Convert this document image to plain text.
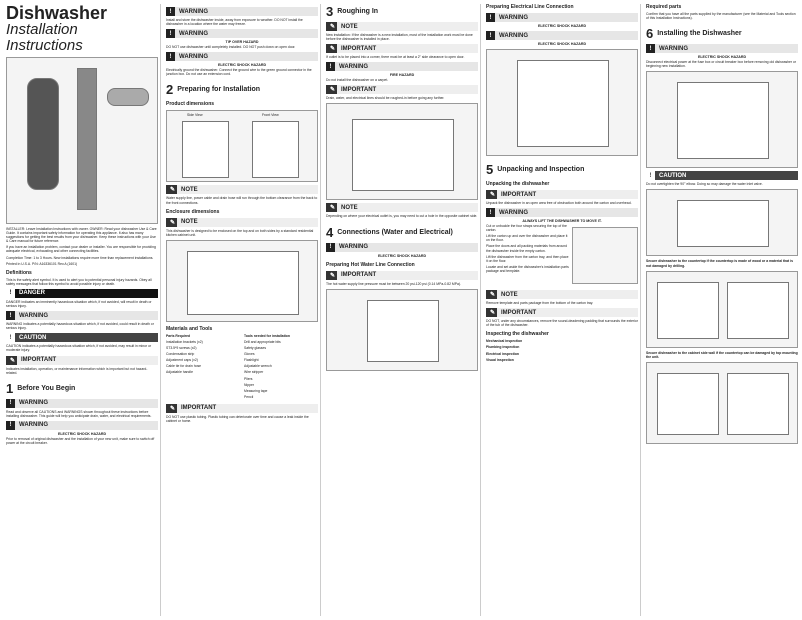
Dishwasher
Installation
Instructions

INSTALLER: Leave Installation Instructions with owner. OWNER: Read your dishwasher Use & Care Guide. It contains important safety information for operating this appliance. It also has many suggestions for getting the best results from your dishwasher. Keep these instructions with your Use & Care manual for future reference.

If you have an installation problem, contact your dealer or installer. You are responsible for providing adequate electrical, exhausting and other connecting facilities.

Completion Time: 1 to 3 Hours. New installations require more time than replacement installations.

Printed in U.S.A. P/N: A16336101 Rev.A (1601)

Definitions

This is the safety alert symbol. It is used to alert you to potential personal injury hazards. Obey all safety messages that follow this symbol to avoid possible injury or death.

!	DANGER

DANGER indicates an imminently hazardous situation which, if not avoided, will result in death or serious injury.

!	WARNING

WARNING indicates a potentially hazardous situation which, if not avoided, could result in death or serious injury.

!	CAUTION

CAUTION indicates a potentially hazardous situation which, if not avoided, may result in minor or moderate injury.

✎ IMPORTANT

Indicates installation, operation, or maintenance information which is important but not hazard-related.

1 Before You Begin
!	WARNING

Read and observe all CAUTIONS and WARNINGS shown throughout these instructions before installing dishwasher. This guide will help you anticipate drain, water, and electrical requirements.

!	WARNING
ELECTRIC SHOCK HAZARD

Prior to removal of original dishwasher and the installation of your new unit, make sure to switch off power at the circuit breaker.

!	WARNING

Install and store the dishwasher inside, away from exposure to weather. DO NOT install the dishwasher in a location where the water may freeze.

!	WARNING
TIP OVER HAZARD

DO NOT use dishwasher until completely installed. DO NOT push down on open door.

!	WARNING
ELECTRIC SHOCK HAZARD

Electrically ground the dishwasher. Connect the ground wire to the green ground connector in the junction box. Do not use an extension cord.

2 Preparing for Installation
Product dimensions
Side View	Front View
✎ NOTE

Water supply line, power cable and drain hose will run through the bottom clearance from the back to the front connections.

Enclosure dimensions
✎ NOTE

This dishwasher is designed to be enclosed on the top and on both sides by a standard residential kitchen cabinet unit.

Materials and Tools
Parts Required
Installation brackets (x2)
ST3.5*9 screws (x2)
Condensation strip
Adjustment caps (x2)
Cable tie for drain hose
Adjustable handle
Tools needed for installation
Drill and appropriate bits
Safety glasses
Gloves
Flashlight
Adjustable wrench
Wire stripper
Pliers
Nipper
Measuring tape
Pencil
✎ IMPORTANT

DO NOT use plastic tubing. Plastic tubing can deteriorate over time and cause a leak inside the cabinet or home.

3 Roughing In
✎ NOTE

New installation: If the dishwasher is a new installation, most of the installation work must be done before the dishwasher is installed in place.

✎ IMPORTANT

If outlet is to be placed into a corner, there must be at least a 2" side clearance to open door.

!	WARNING
FIRE HAZARD

Do not install the dishwasher on a carpet.

✎ IMPORTANT

Drain, water, and electrical lines should be roughed-in before going any further.

✎ NOTE

Depending on where your electrical outlet is, you may need to cut a hole in the opposite cabinet side.

4 Connections (Water and Electrical)
!	WARNING
ELECTRIC SHOCK HAZARD
Preparing Hot Water Line Connection
✎ IMPORTANT

The hot water supply line pressure must be between 20 psi-120 psi (0.14 MPa-0.82 MPa).

Preparing Electrical Line Connection
!	WARNING
ELECTRIC SHOCK HAZARD
!	WARNING
ELECTRIC SHOCK HAZARD
5 Unpacking and Inspection
Unpacking the dishwasher
✎ IMPORTANT

Unpack the dishwasher in an open area free of obstruction both around the carton and overhead.

!	WARNING
ALWAYS LIFT THE DISHWASHER TO MOVE IT.
Cut or unbuckle the four straps securing the top of the carton.
Lift the carton up and over the dishwasher and place it on the floor.
Place the doors and all packing materials from around the dishwasher inside the empty carton.
Lift the dishwasher from the carton tray, and then place it on the floor.
Locate and set aside the dishwasher's installation parts package and template.
✎ NOTE

Remove template and parts package from the bottom of the carton tray.

✎ IMPORTANT

DO NOT, under any circumstances, remove the sound-deadening padding that surrounds the exterior of the tub of the dishwasher.

Inspecting the dishwasher
Mechanical inspection
Plumbing inspection
Electrical inspection
Visual inspection
Required parts

Confirm that you have all the parts supplied by the manufacturer (see the Material and Tools section of this Installation Instructions).

6 Installing the Dishwasher
!	WARNING
ELECTRIC SHOCK HAZARD

Disconnect electrical power at the fuse box or circuit breaker box before removing old dishwasher or beginning new installation.

!	CAUTION

Do not overtighten the 90° elbow. Doing so may damage the water inlet valve.

Secure dishwasher to the countertop if the countertop is made of wood or a material that is not damaged by drilling.

Secure dishwasher to the cabinet side wall if the countertop can be damaged by top mounting the unit.
